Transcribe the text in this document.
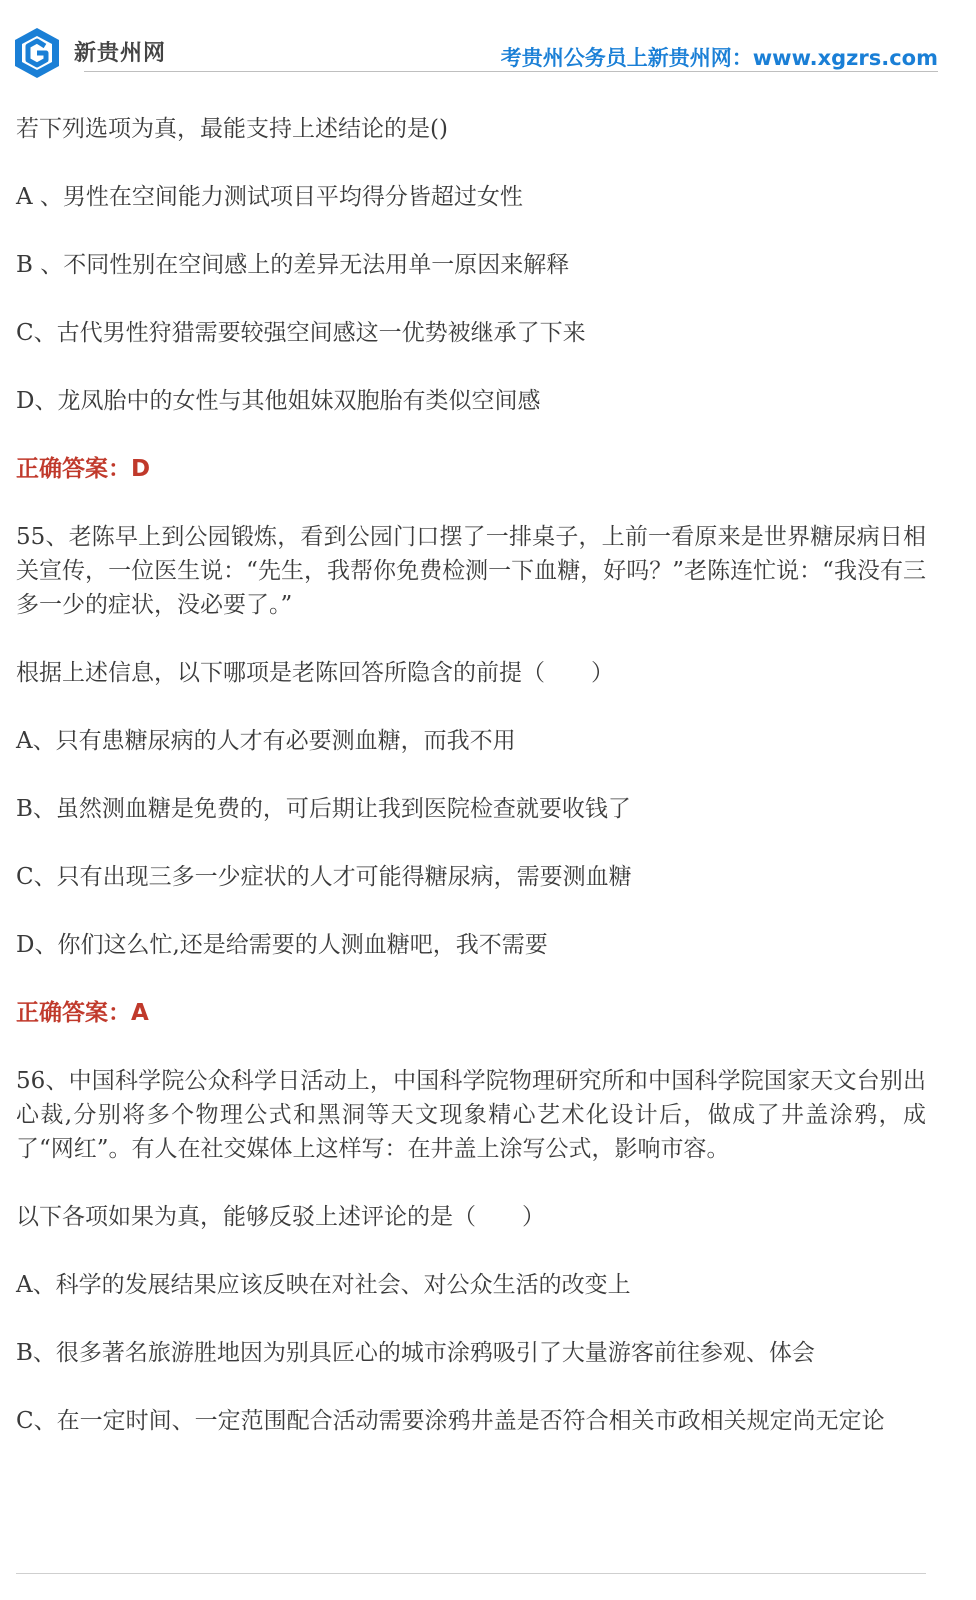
新贵州网	考贵州公务员上新贵州网：www.xgzrs.com
若下列选项为真，最能支持上述结论的是()
A 、男性在空间能力测试项目平均得分皆超过女性
B 、不同性别在空间感上的差异无法用单一原因来解释
C、古代男性狩猎需要较强空间感这一优势被继承了下来
D、龙凤胎中的女性与其他姐妹双胞胎有类似空间感
正确答案：D
55、老陈早上到公园锻炼，看到公园门口摆了一排桌子，上前一看原来是世界糖尿病日相关宣传，一位医生说：“先生，我帮你免费检测一下血糖，好吗？”老陈连忙说：“我没有三多一少的症状，没必要了。”
根据上述信息，以下哪项是老陈回答所隐含的前提（　　）
A、只有患糖尿病的人才有必要测血糖，而我不用
B、虽然测血糖是免费的，可后期让我到医院检查就要收钱了
C、只有出现三多一少症状的人才可能得糖尿病，需要测血糖
D、你们这么忙,还是给需要的人测血糖吧，我不需要
正确答案：A
56、中国科学院公众科学日活动上，中国科学院物理研究所和中国科学院国家天文台别出心裁,分别将多个物理公式和黑洞等天文现象精心艺术化设计后，做成了井盖涂鸦，成了“网红”。有人在社交媒体上这样写：在井盖上涂写公式，影响市容。
以下各项如果为真，能够反驳上述评论的是（　　）
A、科学的发展结果应该反映在对社会、对公众生活的改变上
B、很多著名旅游胜地因为别具匠心的城市涂鸦吸引了大量游客前往参观、体会
C、在一定时间、一定范围配合活动需要涂鸦井盖是否符合相关市政相关规定尚无定论
